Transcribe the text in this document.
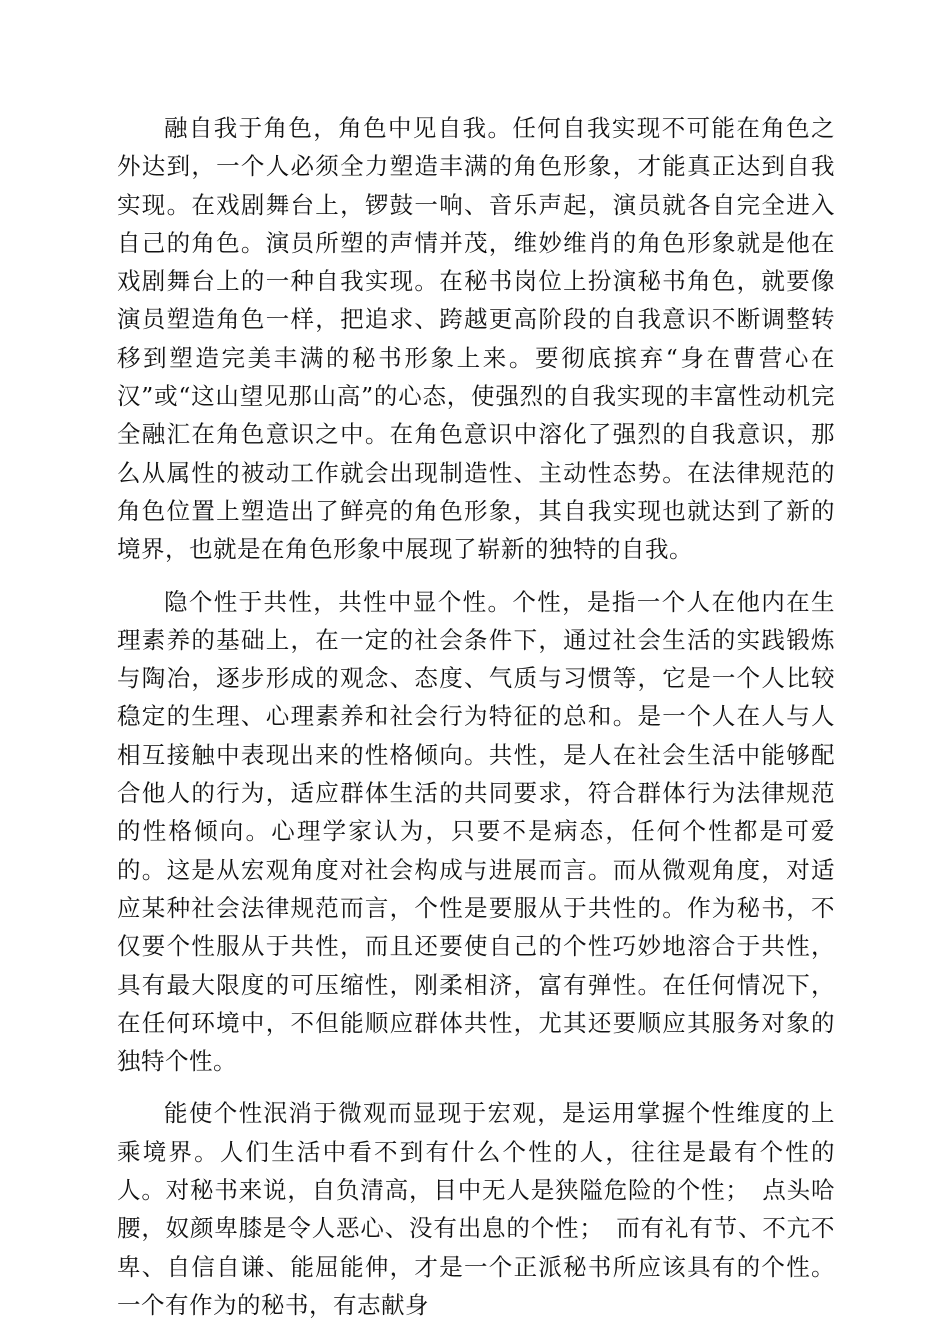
融自我于角色，角色中见自我。任何自我实现不可能在角色之外达到，一个人必须全力塑造丰满的角色形象，才能真正达到自我实现。在戏剧舞台上，锣鼓一响、音乐声起，演员就各自完全进入自己的角色。演员所塑的声情并茂，维妙维肖的角色形象就是他在戏剧舞台上的一种自我实现。在秘书岗位上扮演秘书角色，就要像演员塑造角色一样，把追求、跨越更高阶段的自我意识不断调整转移到塑造完美丰满的秘书形象上来。要彻底摈弃“身在曹营心在汉”或“这山望见那山高”的心态，使强烈的自我实现的丰富性动机完全融汇在角色意识之中。在角色意识中溶化了强烈的自我意识，那么从属性的被动工作就会出现制造性、主动性态势。在法律规范的角色位置上塑造出了鲜亮的角色形象，其自我实现也就达到了新的境界，也就是在角色形象中展现了崭新的独特的自我。

隐个性于共性，共性中显个性。个性，是指一个人在他内在生理素养的基础上，在一定的社会条件下，通过社会生活的实践锻炼与陶冶，逐步形成的观念、态度、气质与习惯等，它是一个人比较稳定的生理、心理素养和社会行为特征的总和。是一个人在人与人相互接触中表现出来的性格倾向。共性，是人在社会生活中能够配合他人的行为，适应群体生活的共同要求，符合群体行为法律规范的性格倾向。心理学家认为，只要不是病态，任何个性都是可爱的。这是从宏观角度对社会构成与进展而言。而从微观角度，对适应某种社会法律规范而言，个性是要服从于共性的。作为秘书，不仅要个性服从于共性，而且还要使自己的个性巧妙地溶合于共性，具有最大限度的可压缩性，刚柔相济，富有弹性。在任何情况下，在任何环境中，不但能顺应群体共性，尤其还要顺应其服务对象的独特个性。

能使个性泯消于微观而显现于宏观，是运用掌握个性维度的上乘境界。人们生活中看不到有什么个性的人，往往是最有个性的人。对秘书来说，自负清高，目中无人是狭隘危险的个性；　点头哈腰，奴颜卑膝是令人恶心、没有出息的个性；　而有礼有节、不亢不卑、自信自谦、能屈能伸，才是一个正派秘书所应该具有的个性。一个有作为的秘书，有志献身
